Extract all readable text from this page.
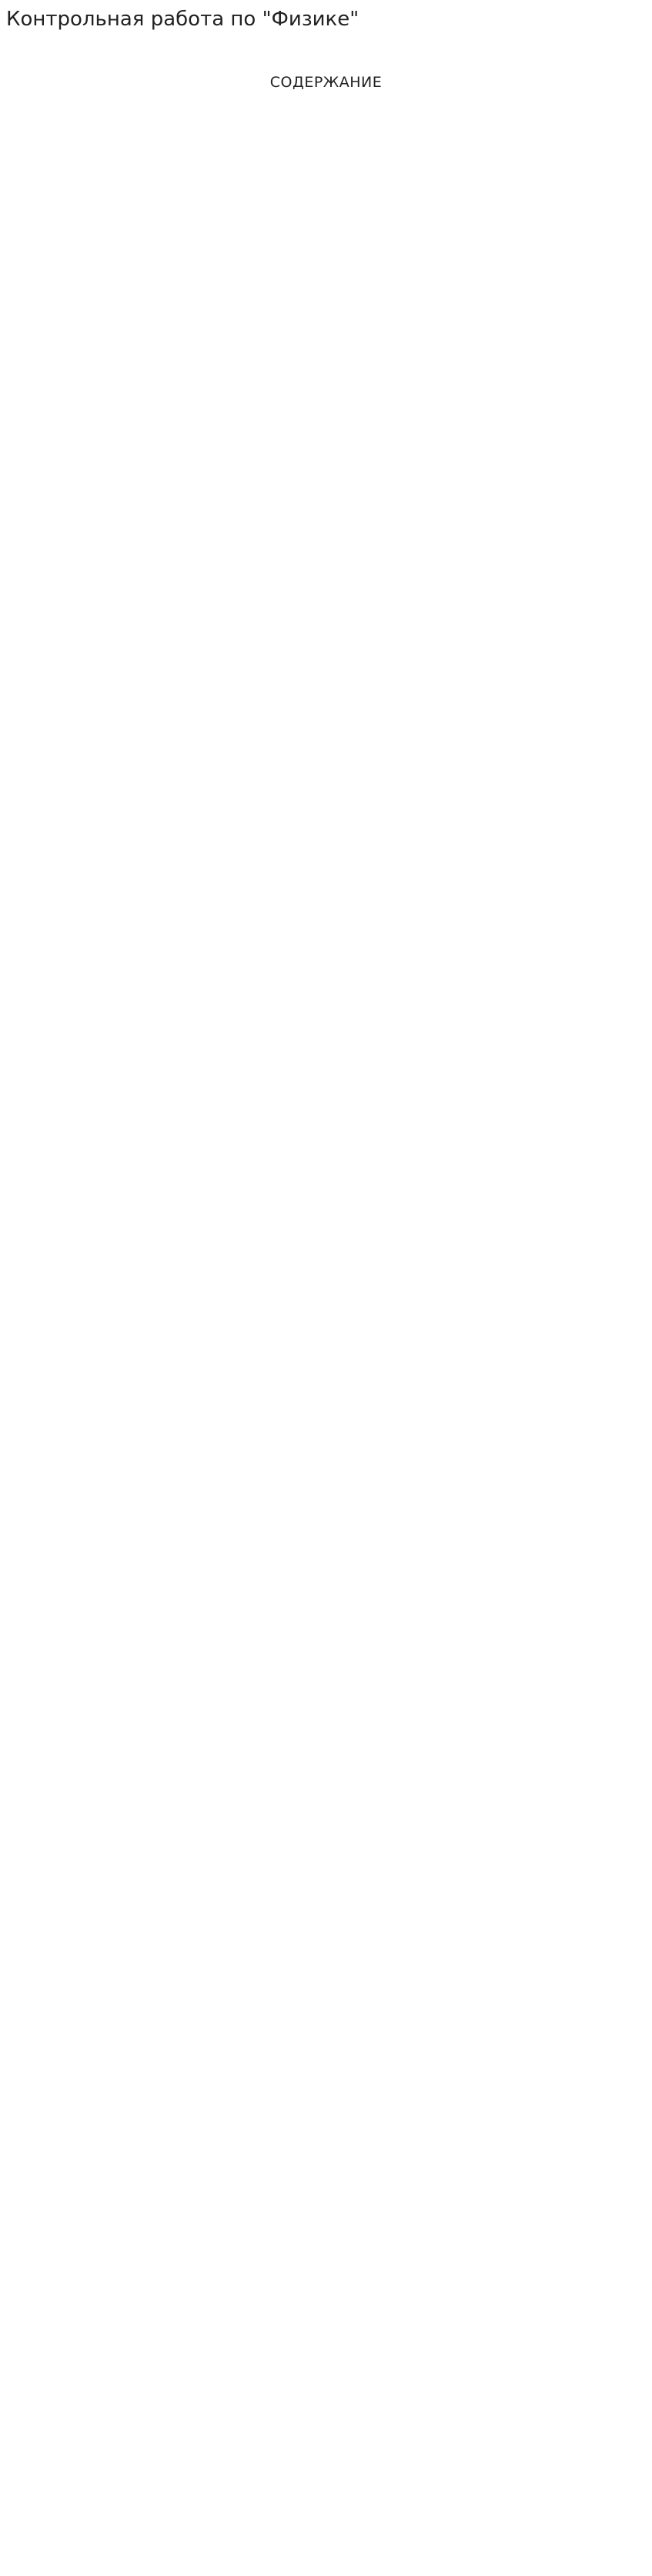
Контрольная работа по "Физике"
СОДЕРЖАНИЕ
